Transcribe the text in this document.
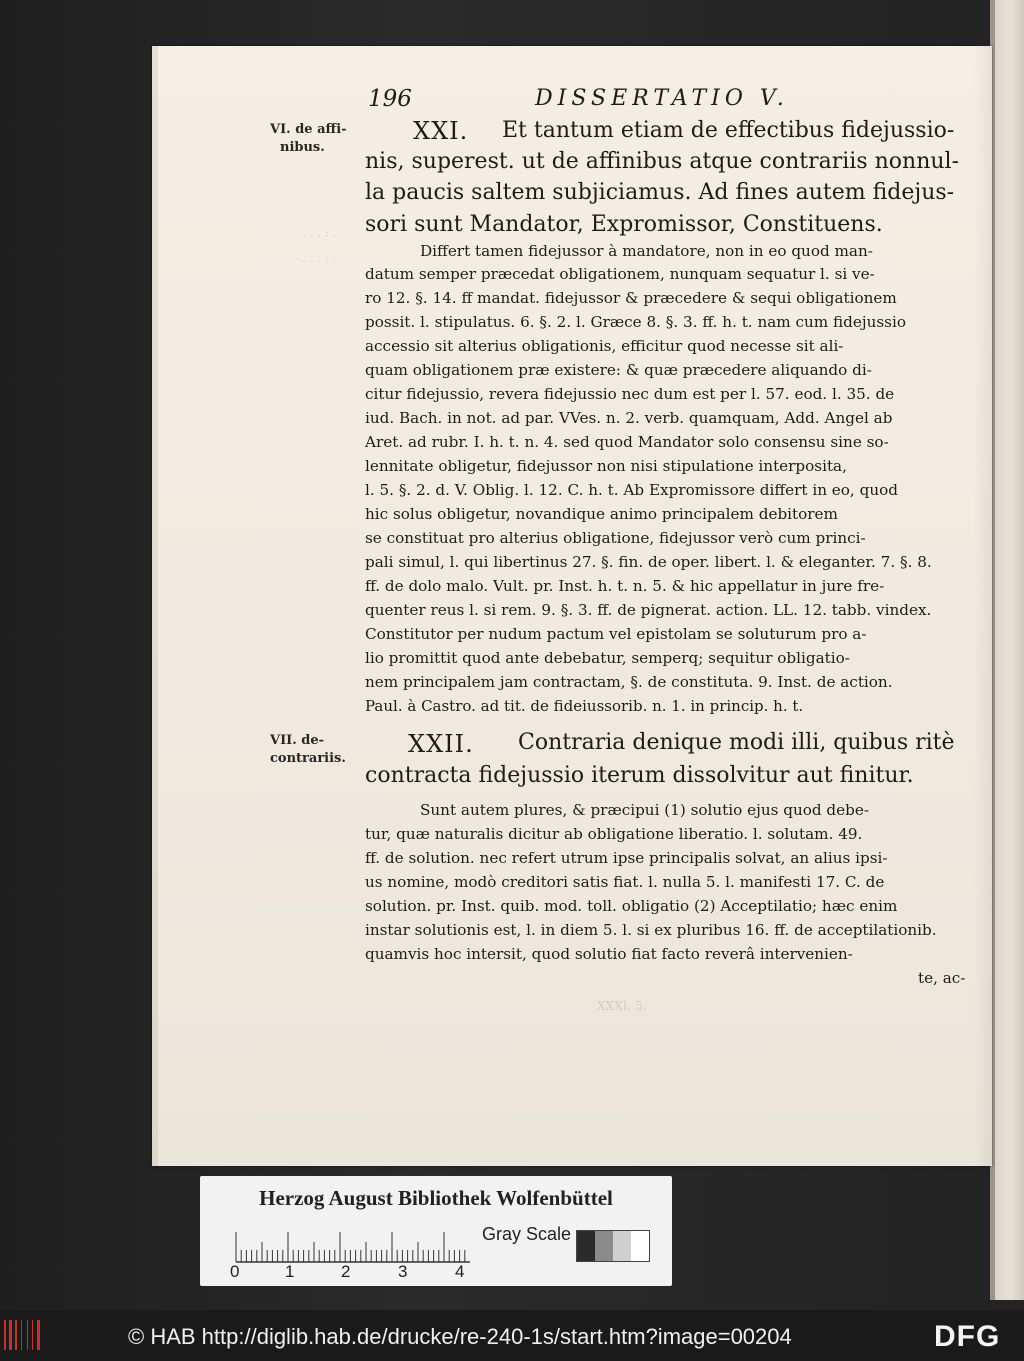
. . . : .
. . . : .
XXXI. 5.
196	DISSERTATIO V.
VI. de affi-
nibus.
XXI. Et tantum etiam de effectibus fidejussio-
nis, superest. ut de affinibus atque contrariis nonnul-
la paucis saltem subjiciamus. Ad fines autem fidejus-
sori sunt Mandator, Expromissor, Constituens.
Differt tamen fidejussor à mandatore, non in eo quod man-
datum semper præcedat obligationem, nunquam sequatur l. si ve-
ro 12. §. 14. ff mandat. fidejussor & præcedere & sequi obligationem
possit. l. stipulatus. 6. §. 2. l. Græce 8. §. 3. ff. h. t. nam cum fidejussio
accessio sit alterius obligationis, efficitur quod necesse sit ali-
quam obligationem præ existere: & quæ præcedere aliquando di-
citur fidejussio, revera fidejussio nec dum est per l. 57. eod. l. 35. de
iud. Bach. in not. ad par. VVes. n. 2. verb. quamquam, Add. Angel ab
Aret. ad rubr. I. h. t. n. 4. sed quod Mandator solo consensu sine so-
lennitate obligetur, fidejussor non nisi stipulatione interposita,
l. 5. §. 2. d. V. Oblig. l. 12. C. h. t. Ab Expromissore differt in eo, quod
hic solus obligetur, novandique animo principalem debitorem
se constituat pro alterius obligatione, fidejussor verò cum princi-
pali simul, l. qui libertinus 27. §. fin. de oper. libert. l. & eleganter. 7. §. 8.
ff. de dolo malo. Vult. pr. Inst. h. t. n. 5. & hic appellatur in jure fre-
quenter reus l. si rem. 9. §. 3. ff. de pignerat. action. LL. 12. tabb. vindex.
Constitutor per nudum pactum vel epistolam se soluturum pro a-
lio promittit quod ante debebatur, semperq; sequitur obligatio-
nem principalem jam contractam, §. de constituta. 9. Inst. de action.
Paul. à Castro. ad tit. de fideiussorib. n. 1. in princip. h. t.
VII. de-
contrariis.
XXII. Contraria denique modi illi, quibus ritè
contracta fidejussio iterum dissolvitur aut finitur.
Sunt autem plures, & præcipui (1) solutio ejus quod debe-
tur, quæ naturalis dicitur ab obligatione liberatio. l. solutam. 49.
ff. de solution. nec refert utrum ipse principalis solvat, an alius ipsi-
us nomine, modò creditori satis fiat. l. nulla 5. l. manifesti 17. C. de
solution. pr. Inst. quib. mod. toll. obligatio (2) Acceptilatio; hæc enim
instar solutionis est, l. in diem 5. l. si ex pluribus 16. ff. de acceptilationib.
quamvis hoc intersit, quod solutio fiat facto reverâ intervenien-
te, ac-
Herzog August Bibliothek Wolfenbüttel
Gray Scale
0	1	2	3	4
© HAB http://diglib.hab.de/drucke/re-240-1s/start.htm?image=00204	DFG
